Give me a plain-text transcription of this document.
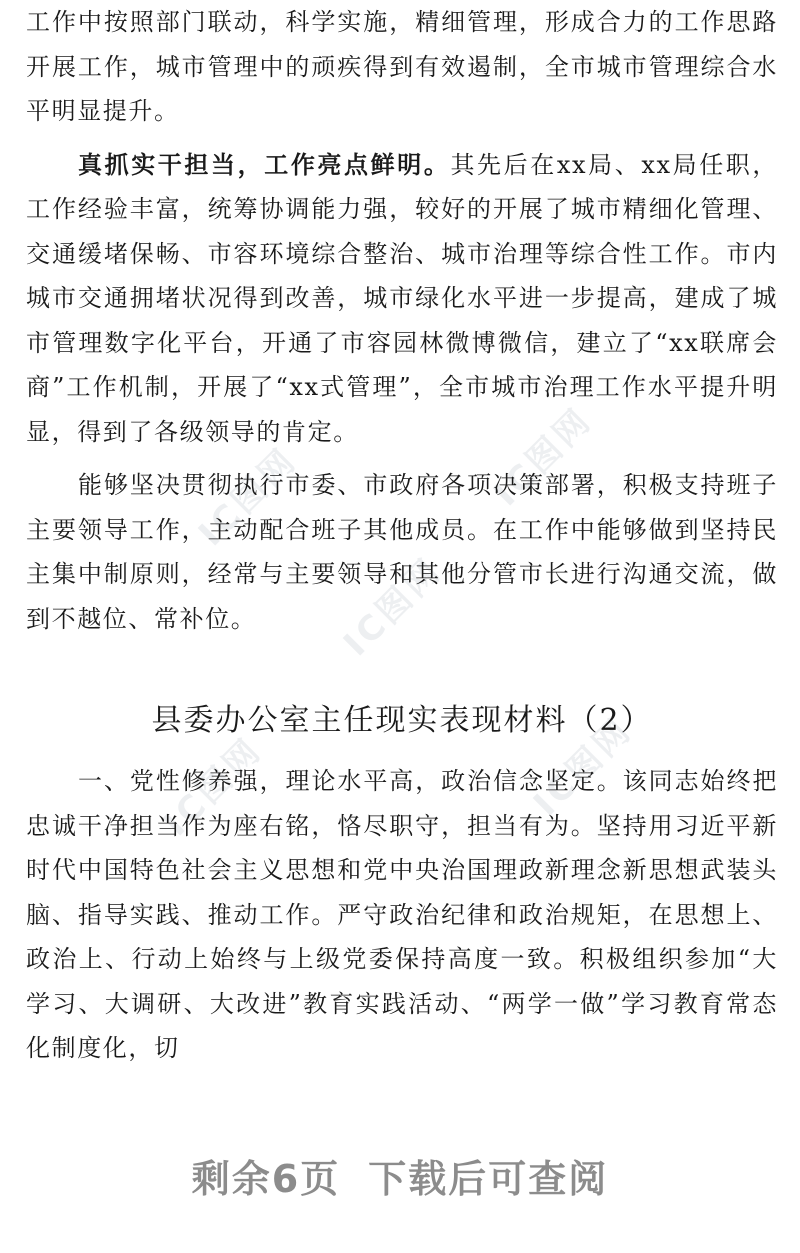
IC图网
IC图网
IC图网
IC图网	IC图网

工作中按照部门联动，科学实施，精细管理，形成合力的工作思路开展工作，城市管理中的顽疾得到有效遏制，全市城市管理综合水平明显提升。

真抓实干担当，工作亮点鲜明。其先后在xx局、xx局任职，工作经验丰富，统筹协调能力强，较好的开展了城市精细化管理、交通缓堵保畅、市容环境综合整治、城市治理等综合性工作。市内城市交通拥堵状况得到改善，城市绿化水平进一步提高，建成了城市管理数字化平台，开通了市容园林微博微信，建立了“xx联席会商”工作机制，开展了“xx式管理”，全市城市治理工作水平提升明显，得到了各级领导的肯定。

能够坚决贯彻执行市委、市政府各项决策部署，积极支持班子主要领导工作，主动配合班子其他成员。在工作中能够做到坚持民主集中制原则，经常与主要领导和其他分管市长进行沟通交流，做到不越位、常补位。

县委办公室主任现实表现材料（2）

一、党性修养强，理论水平高，政治信念坚定。该同志始终把忠诚干净担当作为座右铭，恪尽职守，担当有为。坚持用习近平新时代中国特色社会主义思想和党中央治国理政新理念新思想武装头脑、指导实践、推动工作。严守政治纪律和政治规矩，在思想上、政治上、行动上始终与上级党委保持高度一致。积极组织参加“大学习、大调研、大改进”教育实践活动、“两学一做”学习教育常态化制度化，切

剩余6页 下载后可查阅
